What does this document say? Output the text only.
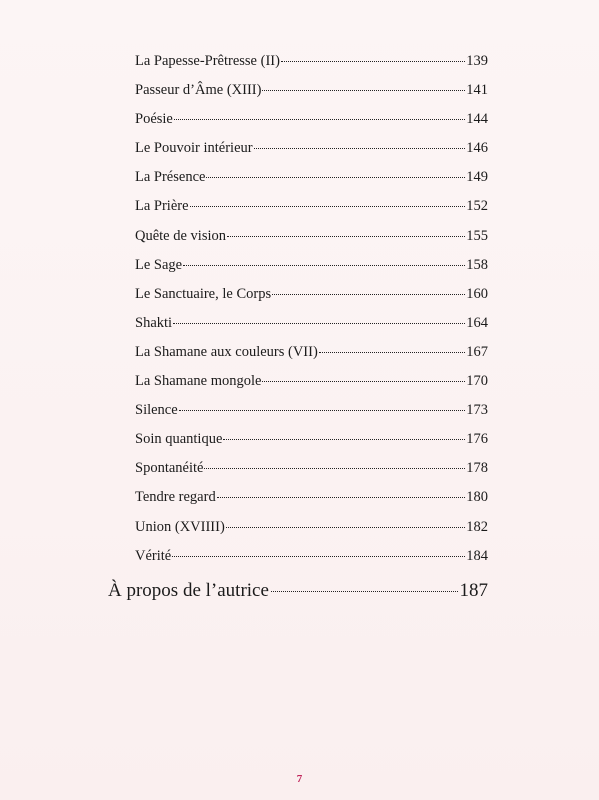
La Papesse-Prêtresse (II)	139
Passeur d’Âme (XIII)	141
Poésie	144
Le Pouvoir intérieur	146
La Présence	149
La Prière	152
Quête de vision	155
Le Sage	158
Le Sanctuaire, le Corps	160
Shakti	164
La Shamane aux couleurs (VII)	167
La Shamane mongole	170
Silence	173
Soin quantique	176
Spontanéité	178
Tendre regard	180
Union (XVIIII)	182
Vérité	184
À propos de l’autrice	187
7
